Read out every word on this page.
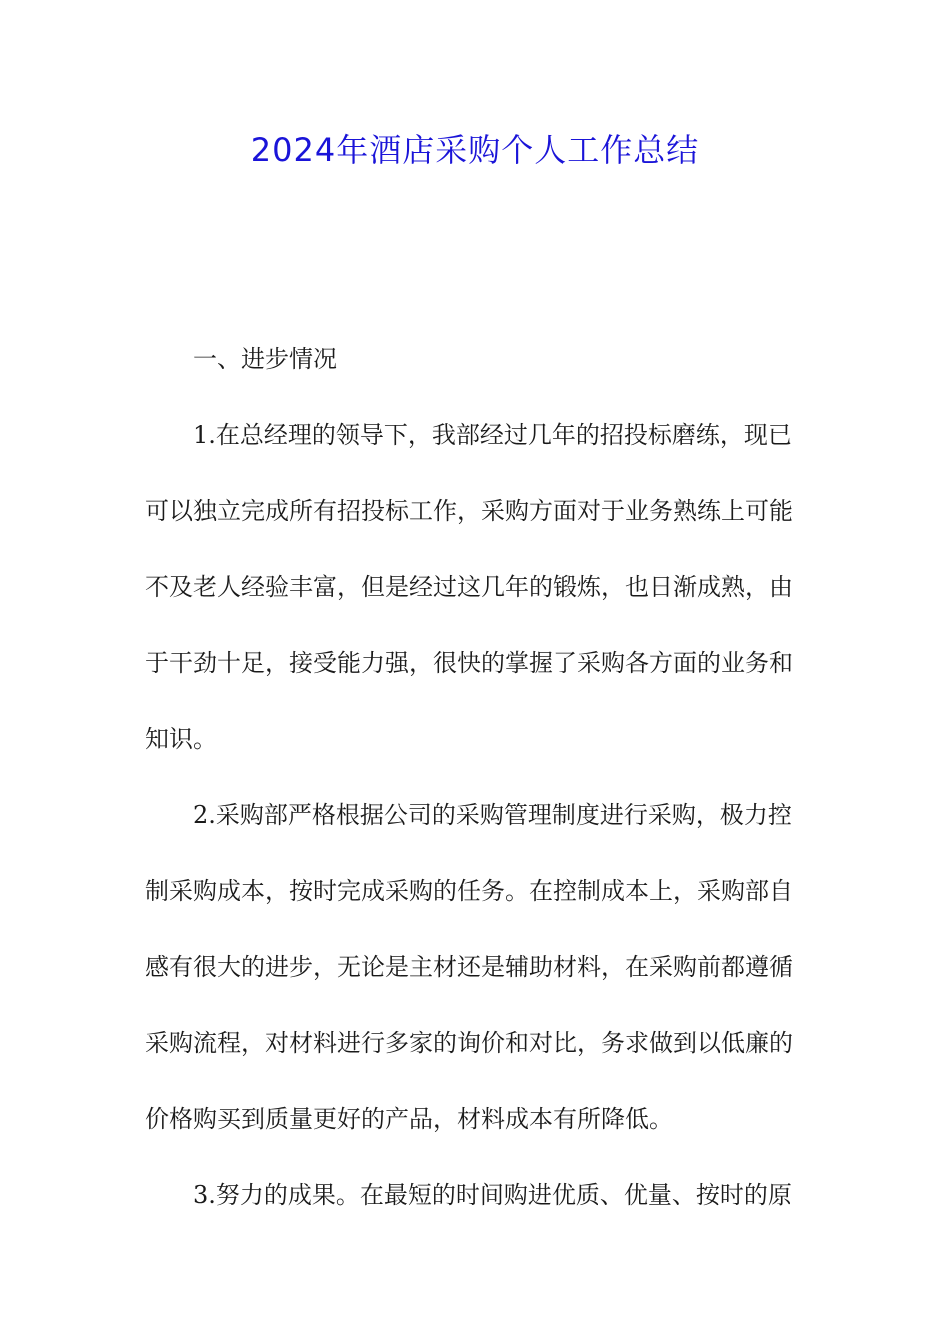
2024年酒店采购个人工作总结
一、进步情况
1.在总经理的领导下，我部经过几年的招投标磨练，现已
可以独立完成所有招投标工作，采购方面对于业务熟练上可能
不及老人经验丰富，但是经过这几年的锻炼，也日渐成熟，由
于干劲十足，接受能力强，很快的掌握了采购各方面的业务和
知识。
2.采购部严格根据公司的采购管理制度进行采购，极力控
制采购成本，按时完成采购的任务。在控制成本上，采购部自
感有很大的进步，无论是主材还是辅助材料，在采购前都遵循
采购流程，对材料进行多家的询价和对比，务求做到以低廉的
价格购买到质量更好的产品，材料成本有所降低。
3.努力的成果。在最短的时间购进优质、优量、按时的原
